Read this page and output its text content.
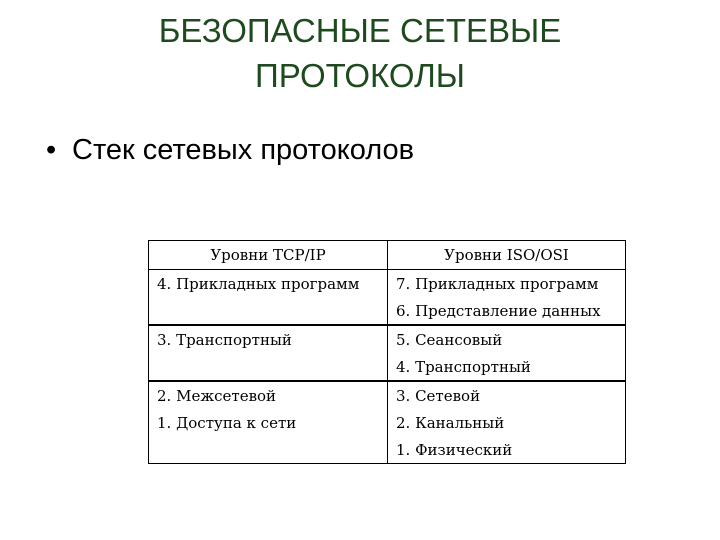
БЕЗОПАСНЫЕ СЕТЕВЫЕ
ПРОТОКОЛЫ
• Стек сетевых протоколов
Уровни TCP/IP	Уровни ISO/OSI
4. Прикладных программ	7. Прикладных программ
	6. Представление данных
3. Транспортный	5. Сеансовый
	4. Транспортный
2. Межсетевой	3. Сетевой
1. Доступа к сети	2. Канальный
	1. Физический
